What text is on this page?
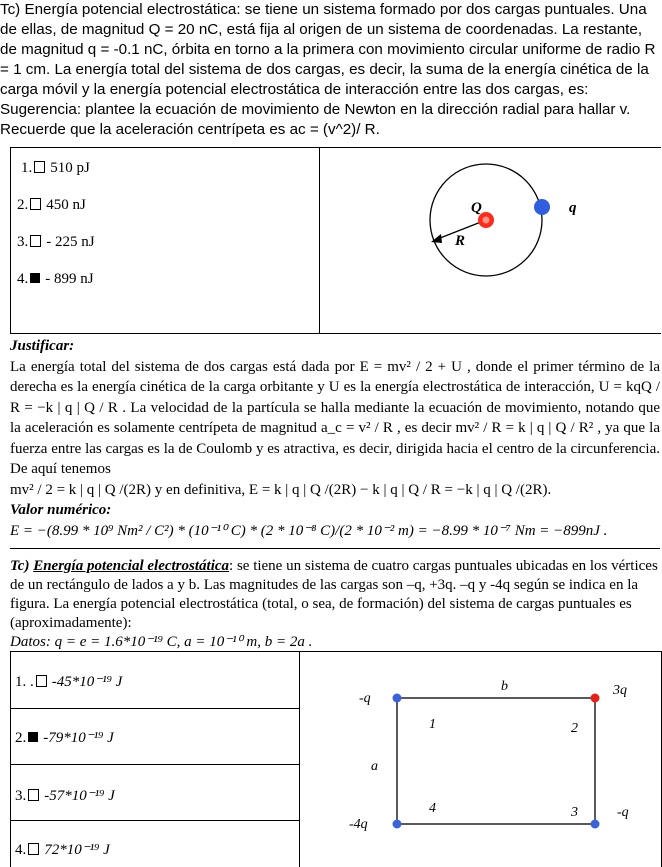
Tc) Energía potencial electrostática: se tiene un sistema formado por dos cargas puntuales. Una de ellas, de magnitud Q = 20 nC, está fija al origen de un sistema de coordenadas. La restante, de magnitud q = -0.1 nC, órbita en torno a la primera con movimiento circular uniforme de radio R = 1 cm. La energía total del sistema de dos cargas, es decir, la suma de la energía cinética de la carga móvil y la energía potencial electrostática de interacción entre las dos cargas, es: Sugerencia: plantee la ecuación de movimiento de Newton en la dirección radial para hallar v. Recuerde que la aceleración centrípeta es ac = (v^2)/ R.
1. 510 pJ
2. 450 nJ
3. - 225 nJ
4. - 899 nJ
Q	q
R
Justificar:

La energía total del sistema de dos cargas está dada por E = mv² / 2 + U , donde el primer término de la derecha es la energía cinética de la carga orbitante y U es la energía electrostática de interacción, U = kqQ / R = −k | q | Q / R . La velocidad de la partícula se halla mediante la ecuación de movimiento, notando que la aceleración es solamente centrípeta de magnitud a_c = v² / R , es decir mv² / R = k | q | Q / R² , ya que la fuerza entre las cargas es la de Coulomb y es atractiva, es decir, dirigida hacia el centro de la circunferencia. De aquí tenemos

mv² / 2 = k | q | Q /(2R) y en definitiva, E = k | q | Q /(2R) − k | q | Q / R = −k | q | Q /(2R).

Valor numérico:
E = −(8.99 * 10⁹ Nm² / C²) * (10⁻¹⁰ C) * (2 * 10⁻⁸ C)/(2 * 10⁻² m) = −8.99 * 10⁻⁷ Nm = −899nJ .
Tc) Energía potencial electrostática: se tiene un sistema de cuatro cargas puntuales ubicadas en los vértices de un rectángulo de lados a y b. Las magnitudes de las cargas son –q, +3q. –q y -4q según se indica en la figura. La energía potencial electrostática (total, o sea, de formación) del sistema de cargas puntuales es (aproximadamente):
Datos: q = e = 1.6*10⁻¹⁹ C, a = 10⁻¹⁰ m, b = 2a .
1. . -45*10⁻¹⁹ J
2. -79*10⁻¹⁹ J
3. -57*10⁻¹⁹ J
4. 72*10⁻¹⁹ J
b
a
-q
3q
-q
-4q
1	2
3
4
